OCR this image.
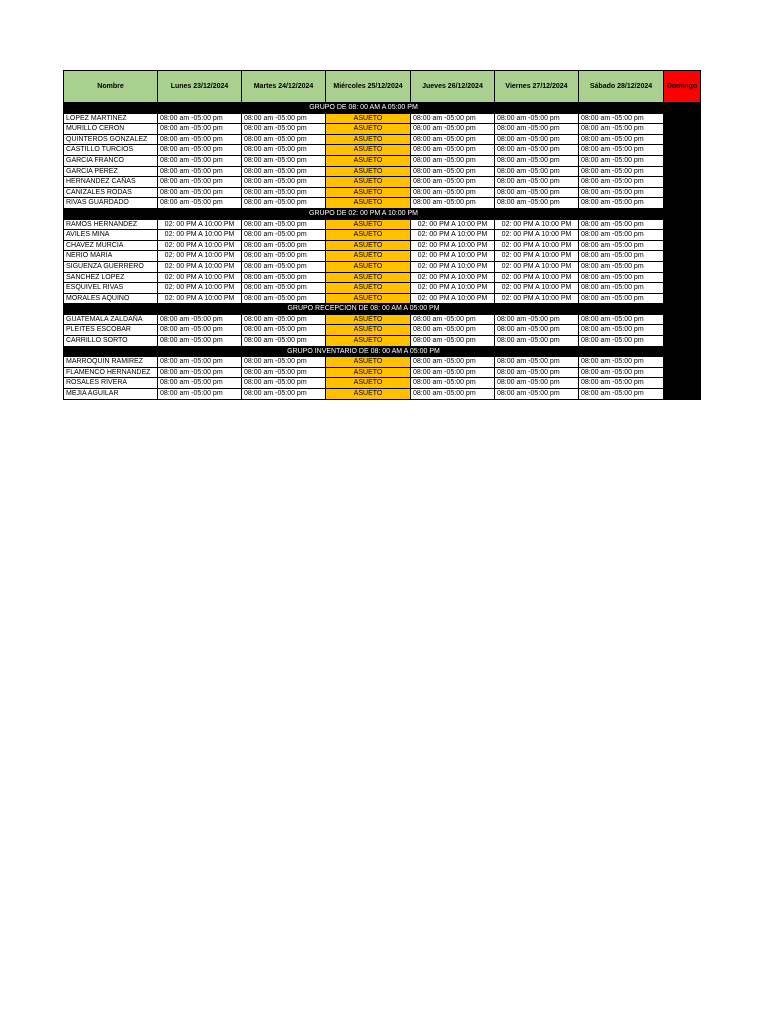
Nombre	Lunes 23/12/2024	Martes 24/12/2024	Miércoles 25/12/2024	Jueves 26/12/2024	Viernes 27/12/2024	Sábado 28/12/2024	Domingo
GRUPO DE 08: 00 AM A 05:00 PM							
LOPEZ MARTINEZ	08:00 am -05:00 pm	08:00 am -05:00 pm	ASUETO	08:00 am -05:00 pm	08:00 am -05:00 pm	08:00 am -05:00 pm	
MURILLO CERON	08:00 am -05:00 pm	08:00 am -05:00 pm	ASUETO	08:00 am -05:00 pm	08:00 am -05:00 pm	08:00 am -05:00 pm	
QUINTEROS GONZALEZ	08:00 am -05:00 pm	08:00 am -05:00 pm	ASUETO	08:00 am -05:00 pm	08:00 am -05:00 pm	08:00 am -05:00 pm	
CASTILLO TURCIOS	08:00 am -05:00 pm	08:00 am -05:00 pm	ASUETO	08:00 am -05:00 pm	08:00 am -05:00 pm	08:00 am -05:00 pm	
GARCIA FRANCO	08:00 am -05:00 pm	08:00 am -05:00 pm	ASUETO	08:00 am -05:00 pm	08:00 am -05:00 pm	08:00 am -05:00 pm	
GARCIA PEREZ	08:00 am -05:00 pm	08:00 am -05:00 pm	ASUETO	08:00 am -05:00 pm	08:00 am -05:00 pm	08:00 am -05:00 pm	
HERNANDEZ CAÑAS	08:00 am -05:00 pm	08:00 am -05:00 pm	ASUETO	08:00 am -05:00 pm	08:00 am -05:00 pm	08:00 am -05:00 pm	
CANIZALES RODAS	08:00 am -05:00 pm	08:00 am -05:00 pm	ASUETO	08:00 am -05:00 pm	08:00 am -05:00 pm	08:00 am -05:00 pm	
RIVAS GUARDADO	08:00 am -05:00 pm	08:00 am -05:00 pm	ASUETO	08:00 am -05:00 pm	08:00 am -05:00 pm	08:00 am -05:00 pm	
GRUPO DE 02: 00 PM A 10:00 PM							
RAMOS HERNANDEZ	02: 00 PM A 10:00 PM	08:00 am -05:00 pm	ASUETO	02: 00 PM A 10:00 PM	02: 00 PM A 10:00 PM	08:00 am -05:00 pm	
AVILES MINA	02: 00 PM A 10:00 PM	08:00 am -05:00 pm	ASUETO	02: 00 PM A 10:00 PM	02: 00 PM A 10:00 PM	08:00 am -05:00 pm	
CHAVEZ MURCIA	02: 00 PM A 10:00 PM	08:00 am -05:00 pm	ASUETO	02: 00 PM A 10:00 PM	02: 00 PM A 10:00 PM	08:00 am -05:00 pm	
NERIO MARIA	02: 00 PM A 10:00 PM	08:00 am -05:00 pm	ASUETO	02: 00 PM A 10:00 PM	02: 00 PM A 10:00 PM	08:00 am -05:00 pm	
SIGUENZA GUERRERO	02: 00 PM A 10:00 PM	08:00 am -05:00 pm	ASUETO	02: 00 PM A 10:00 PM	02: 00 PM A 10:00 PM	08:00 am -05:00 pm	
SANCHEZ LOPEZ	02: 00 PM A 10:00 PM	08:00 am -05:00 pm	ASUETO	02: 00 PM A 10:00 PM	02: 00 PM A 10:00 PM	08:00 am -05:00 pm	
ESQUIVEL RIVAS	02: 00 PM A 10:00 PM	08:00 am -05:00 pm	ASUETO	02: 00 PM A 10:00 PM	02: 00 PM A 10:00 PM	08:00 am -05:00 pm	
MORALES AQUINO	02: 00 PM A 10:00 PM	08:00 am -05:00 pm	ASUETO	02: 00 PM A 10:00 PM	02: 00 PM A 10:00 PM	08:00 am -05:00 pm	
GRUPO RECEPCION DE 08: 00 AM A 05:00 PM							
GUATEMALA ZALDAÑA	08:00 am -05:00 pm	08:00 am -05:00 pm	ASUETO	08:00 am -05:00 pm	08:00 am -05:00 pm	08:00 am -05:00 pm	
PLEITES ESCOBAR	08:00 am -05:00 pm	08:00 am -05:00 pm	ASUETO	08:00 am -05:00 pm	08:00 am -05:00 pm	08:00 am -05:00 pm	
CARRILLO SORTO	08:00 am -05:00 pm	08:00 am -05:00 pm	ASUETO	08:00 am -05:00 pm	08:00 am -05:00 pm	08:00 am -05:00 pm	
GRUPO INVENTARIO DE 08: 00 AM A 05:00 PM							
MARROQUIN RAMIREZ	08:00 am -05:00 pm	08:00 am -05:00 pm	ASUETO	08:00 am -05:00 pm	08:00 am -05:00 pm	08:00 am -05:00 pm	
FLAMENCO HERNANDEZ	08:00 am -05:00 pm	08:00 am -05:00 pm	ASUETO	08:00 am -05:00 pm	08:00 am -05:00 pm	08:00 am -05:00 pm	
ROSALES RIVERA	08:00 am -05:00 pm	08:00 am -05:00 pm	ASUETO	08:00 am -05:00 pm	08:00 am -05:00 pm	08:00 am -05:00 pm	
MEJIA AGUILAR	08:00 am -05:00 pm	08:00 am -05:00 pm	ASUETO	08:00 am -05:00 pm	08:00 am -05:00 pm	08:00 am -05:00 pm	
